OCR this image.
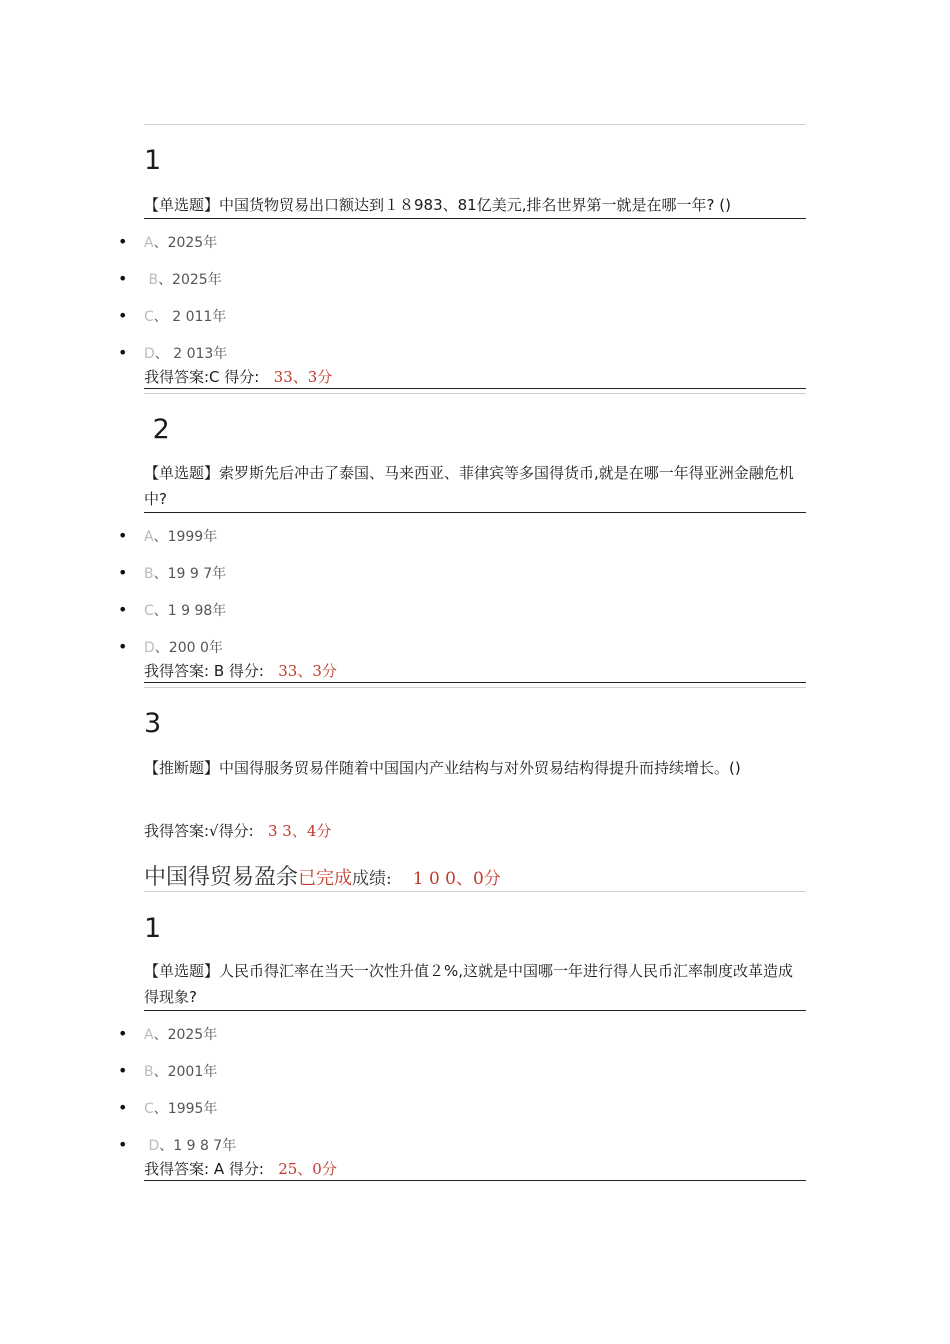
1
【单选题】中国货物贸易出口额达到１８983、81亿美元,排名世界第一就是在哪一年? ()
• A、2025年
• B、2025年
• C、 2 011年
• D、 2 013年
我得答案:C 得分: 33、3分
2
【单选题】索罗斯先后冲击了泰国、马来西亚、菲律宾等多国得货币,就是在哪一年得亚洲金融危机中?
• A、1999年
• B、19 9 7年
• C、1 9 98年
• D、200 0年
我得答案: B 得分: 33、3分
3
【推断题】中国得服务贸易伴随着中国国内产业结构与对外贸易结构得提升而持续增长。()
我得答案:√得分: 3 3、4分
中国得贸易盈余已完成成绩: 1 0 0、0分
1
【单选题】人民币得汇率在当天一次性升值２%,这就是中国哪一年进行得人民币汇率制度改革造成得现象?
• A、2025年
• B、2001年
• C、1995年
• D、1 9 8 7年
我得答案: A 得分: 25、0分
